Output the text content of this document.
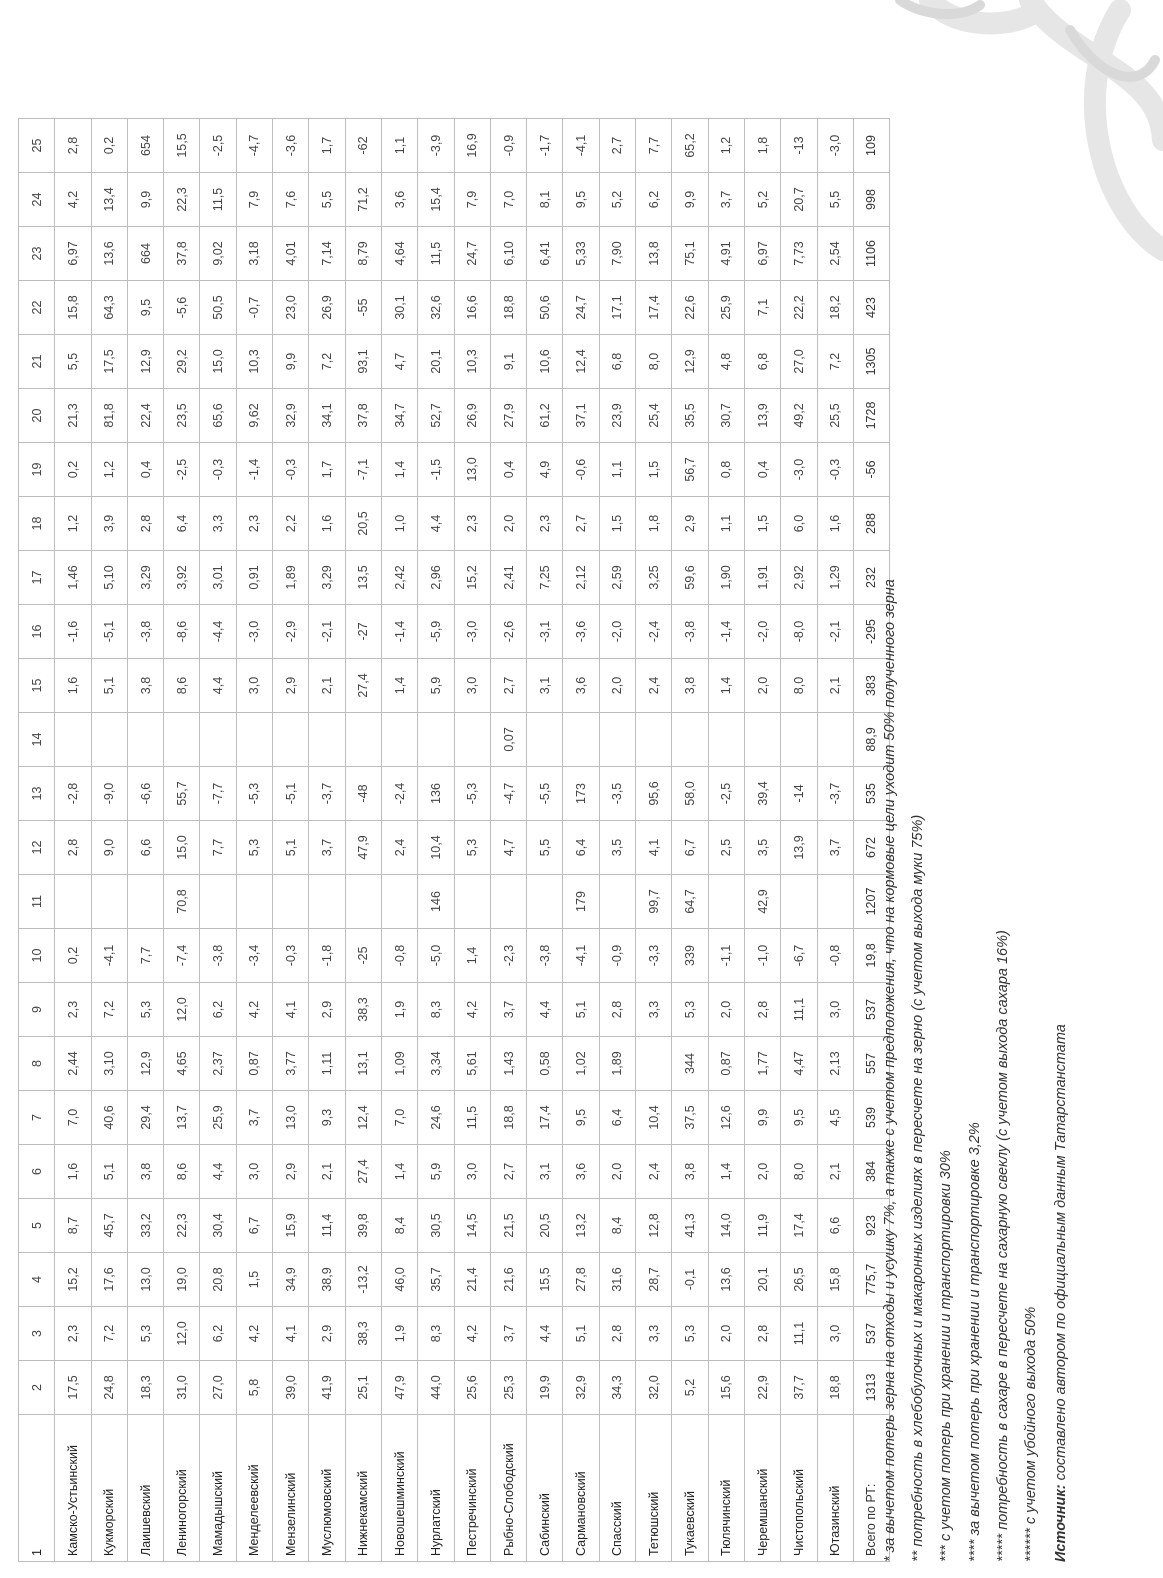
1	2	3	4	5	6	7	8	9	10	11	12	13	14	15	16	17	18	19	20	21	22	23	24	25
Камско-Устьинский	17,5	2,3	15,2	8,7	1,6	7,0	2,44	2,3	0,2		2,8	-2,8		1,6	-1,6	1,46	1,2	0,2	21,3	5,5	15,8	6,97	4,2	2,8
Кукморский	24,8	7,2	17,6	45,7	5,1	40,6	3,10	7,2	-4,1		9,0	-9,0		5,1	-5,1	5,10	3,9	1,2	81,8	17,5	64,3	13,6	13,4	0,2
Лаишевский	18,3	5,3	13,0	33,2	3,8	29,4	12,9	5,3	7,7		6,6	-6,6		3,8	-3,8	3,29	2,8	0,4	22,4	12,9	9,5	664	9,9	654
Лениногорский	31,0	12,0	19,0	22,3	8,6	13,7	4,65	12,0	-7,4	70,8	15,0	55,7		8,6	-8,6	3,92	6,4	-2,5	23,5	29,2	-5,6	37,8	22,3	15,5
Мамадышский	27,0	6,2	20,8	30,4	4,4	25,9	2,37	6,2	-3,8		7,7	-7,7		4,4	-4,4	3,01	3,3	-0,3	65,6	15,0	50,5	9,02	11,5	-2,5
Менделеевский	5,8	4,2	1,5	6,7	3,0	3,7	0,87	4,2	-3,4		5,3	-5,3		3,0	-3,0	0,91	2,3	-1,4	9,62	10,3	-0,7	3,18	7,9	-4,7
Мензелинский	39,0	4,1	34,9	15,9	2,9	13,0	3,77	4,1	-0,3		5,1	-5,1		2,9	-2,9	1,89	2,2	-0,3	32,9	9,9	23,0	4,01	7,6	-3,6
Муслюмовский	41,9	2,9	38,9	11,4	2,1	9,3	1,11	2,9	-1,8		3,7	-3,7		2,1	-2,1	3,29	1,6	1,7	34,1	7,2	26,9	7,14	5,5	1,7
Нижнекамский	25,1	38,3	-13,2	39,8	27,4	12,4	13,1	38,3	-25		47,9	-48		27,4	-27	13,5	20,5	-7,1	37,8	93,1	-55	8,79	71,2	-62
Новошешминский	47,9	1,9	46,0	8,4	1,4	7,0	1,09	1,9	-0,8		2,4	-2,4		1,4	-1,4	2,42	1,0	1,4	34,7	4,7	30,1	4,64	3,6	1,1
Нурлатский	44,0	8,3	35,7	30,5	5,9	24,6	3,34	8,3	-5,0	146	10,4	136		5,9	-5,9	2,96	4,4	-1,5	52,7	20,1	32,6	11,5	15,4	-3,9
Пестречинский	25,6	4,2	21,4	14,5	3,0	11,5	5,61	4,2	1,4		5,3	-5,3		3,0	-3,0	15,2	2,3	13,0	26,9	10,3	16,6	24,7	7,9	16,9
Рыбно-Слободский	25,3	3,7	21,6	21,5	2,7	18,8	1,43	3,7	-2,3		4,7	-4,7	0,07	2,7	-2,6	2,41	2,0	0,4	27,9	9,1	18,8	6,10	7,0	-0,9
Сабинский	19,9	4,4	15,5	20,5	3,1	17,4	0,58	4,4	-3,8		5,5	-5,5		3,1	-3,1	7,25	2,3	4,9	61,2	10,6	50,6	6,41	8,1	-1,7
Сармановский	32,9	5,1	27,8	13,2	3,6	9,5	1,02	5,1	-4,1	179	6,4	173		3,6	-3,6	2,12	2,7	-0,6	37,1	12,4	24,7	5,33	9,5	-4,1
Спасский	34,3	2,8	31,6	8,4	2,0	6,4	1,89	2,8	-0,9		3,5	-3,5		2,0	-2,0	2,59	1,5	1,1	23,9	6,8	17,1	7,90	5,2	2,7
Тетюшский	32,0	3,3	28,7	12,8	2,4	10,4		3,3	-3,3	99,7	4,1	95,6		2,4	-2,4	3,25	1,8	1,5	25,4	8,0	17,4	13,8	6,2	7,7
Тукаевский	5,2	5,3	-0,1	41,3	3,8	37,5	344	5,3	339	64,7	6,7	58,0		3,8	-3,8	59,6	2,9	56,7	35,5	12,9	22,6	75,1	9,9	65,2
Тюлячинский	15,6	2,0	13,6	14,0	1,4	12,6	0,87	2,0	-1,1		2,5	-2,5		1,4	-1,4	1,90	1,1	0,8	30,7	4,8	25,9	4,91	3,7	1,2
Черемшанский	22,9	2,8	20,1	11,9	2,0	9,9	1,77	2,8	-1,0	42,9	3,5	39,4		2,0	-2,0	1,91	1,5	0,4	13,9	6,8	7,1	6,97	5,2	1,8
Чистопольский	37,7	11,1	26,5	17,4	8,0	9,5	4,47	11,1	-6,7		13,9	-14		8,0	-8,0	2,92	6,0	-3,0	49,2	27,0	22,2	7,73	20,7	-13
Ютазинский	18,8	3,0	15,8	6,6	2,1	4,5	2,13	3,0	-0,8		3,7	-3,7		2,1	-2,1	1,29	1,6	-0,3	25,5	7,2	18,2	2,54	5,5	-3,0
Всего по РТ:	1313	537	775,7	923	384	539	557	537	19,8	1207	672	535	88,9	383	-295	232	288	-56	1728	1305	423	1106	998	109
* за вычетом потерь зерна на отходы и усушку 7%, а также с учетом предположения, что на кормовые цели уходит 50% полученного зерна ** потребность в хлебобулочных и макаронных изделиях в пересчете на зерно (с учетом выхода муки 75%) *** с учетом потерь при хранении и транспортировки 30% **** за вычетом потерь при хранении и транспортировке 3,2% ***** потребность в сахаре в пересчете на сахарную свеклу (с учетом выхода сахара 16%) ****** с учетом убойного выхода 50% Источник: составлено автором по официальным данным Татарстанстата
